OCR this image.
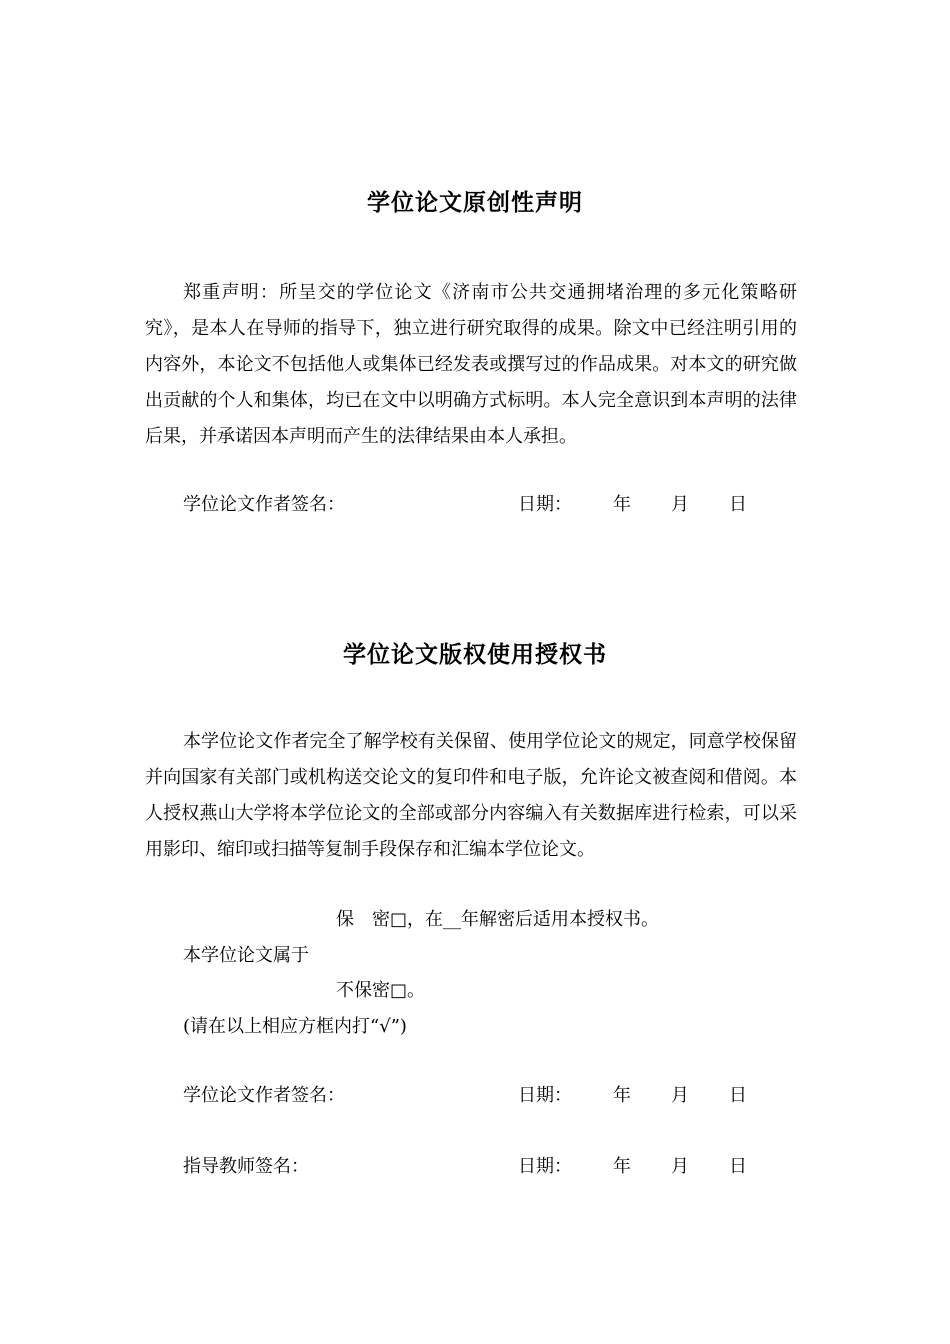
学位论文原创性声明

郑重声明：所呈交的学位论文《济南市公共交通拥堵治理的多元化策略研究》，是本人在导师的指导下，独立进行研究取得的成果。除文中已经注明引用的内容外，本论文不包括他人或集体已经发表或撰写过的作品成果。对本文的研究做出贡献的个人和集体，均已在文中以明确方式标明。本人完全意识到本声明的法律后果，并承诺因本声明而产生的法律结果由本人承担。

学位论文作者签名：	日期： 年 月 日
学位论文版权使用授权书

本学位论文作者完全了解学校有关保留、使用学位论文的规定，同意学校保留并向国家有关部门或机构送交论文的复印件和电子版，允许论文被查阅和借阅。本人授权燕山大学将本学位论文的全部或部分内容编入有关数据库进行检索，可以采用影印、缩印或扫描等复制手段保存和汇编本学位论文。

保　密□，在__年解密后适用本授权书。
本学位论文属于
不保密□。
(请在以上相应方框内打“√”)
学位论文作者签名：	日期： 年 月 日
指导教师签名：	日期： 年 月 日
